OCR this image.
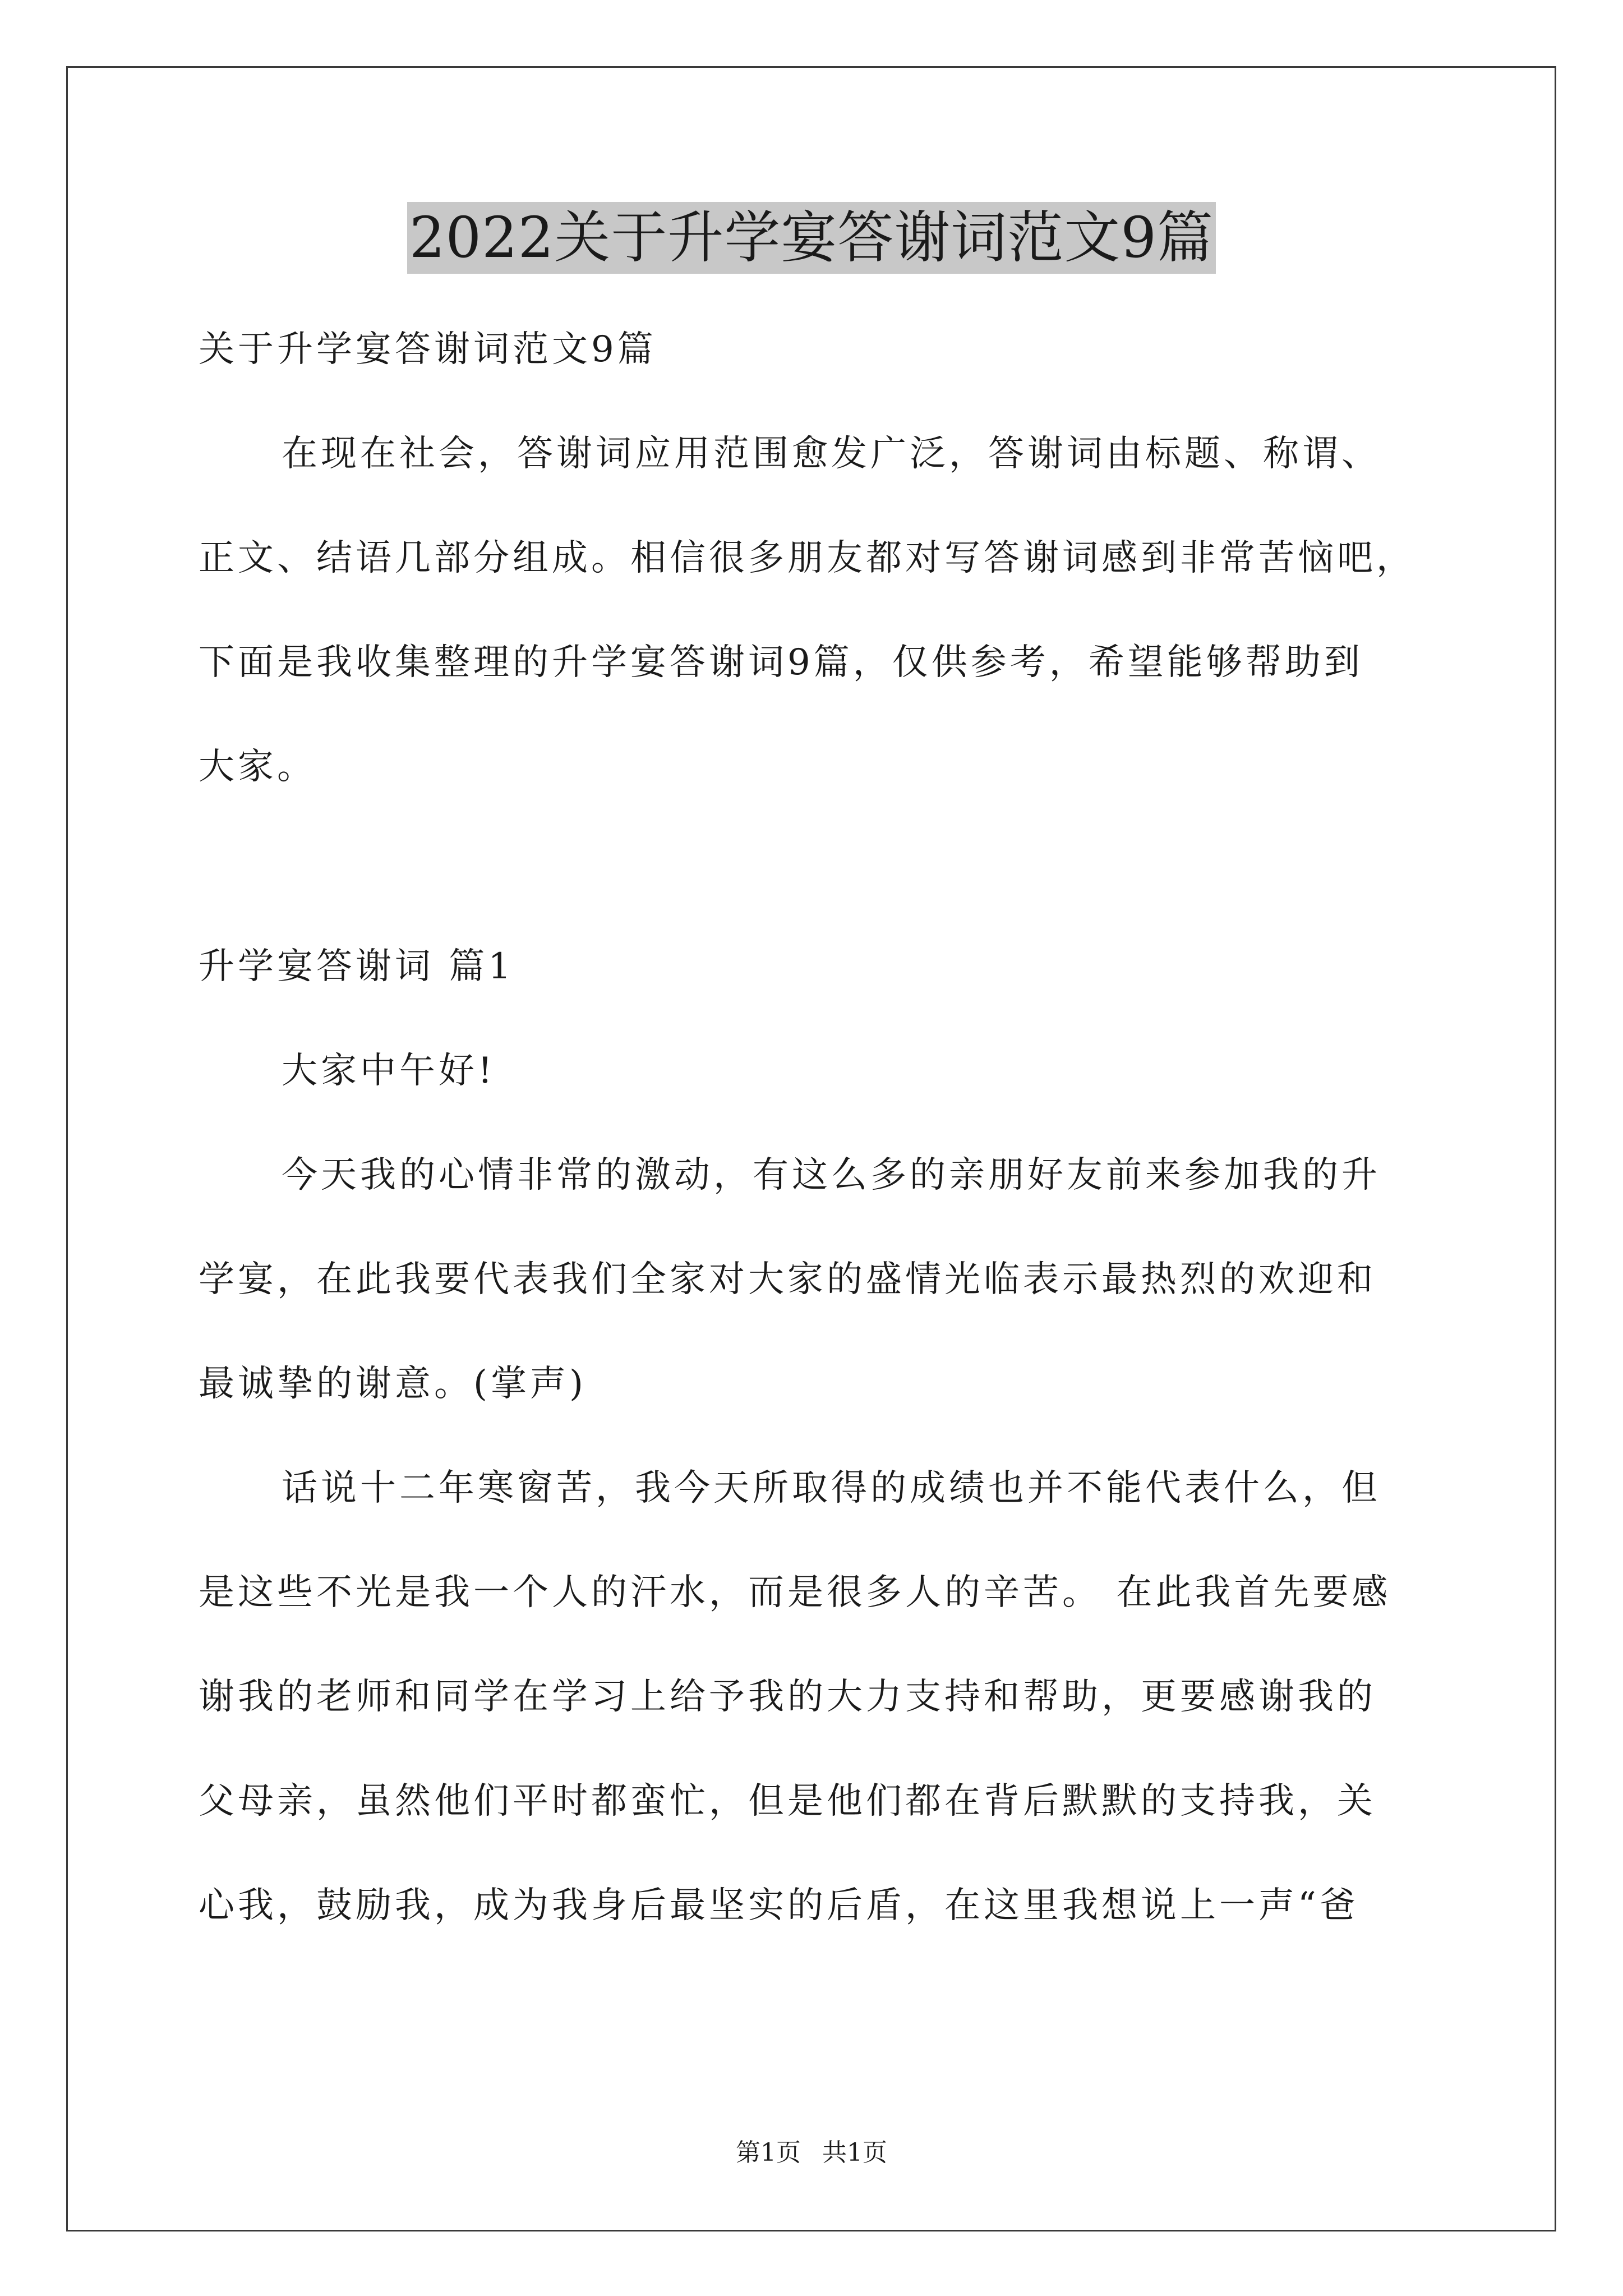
2022关于升学宴答谢词范文9篇
关于升学宴答谢词范文9篇
在现在社会，答谢词应用范围愈发广泛，答谢词由标题、称谓、
正文、结语几部分组成。相信很多朋友都对写答谢词感到非常苦恼吧，
下面是我收集整理的升学宴答谢词9篇，仅供参考，希望能够帮助到
大家。
升学宴答谢词 篇1
大家中午好!
今天我的心情非常的激动，有这么多的亲朋好友前来参加我的升
学宴，在此我要代表我们全家对大家的盛情光临表示最热烈的欢迎和
最诚挚的谢意。(掌声)
话说十二年寒窗苦，我今天所取得的成绩也并不能代表什么，但
是这些不光是我一个人的汗水，而是很多人的辛苦。 在此我首先要感
谢我的老师和同学在学习上给予我的大力支持和帮助，更要感谢我的
父母亲，虽然他们平时都蛮忙，但是他们都在背后默默的支持我，关
心我，鼓励我，成为我身后最坚实的后盾，在这里我想说上一声“爸
第1页 共1页
